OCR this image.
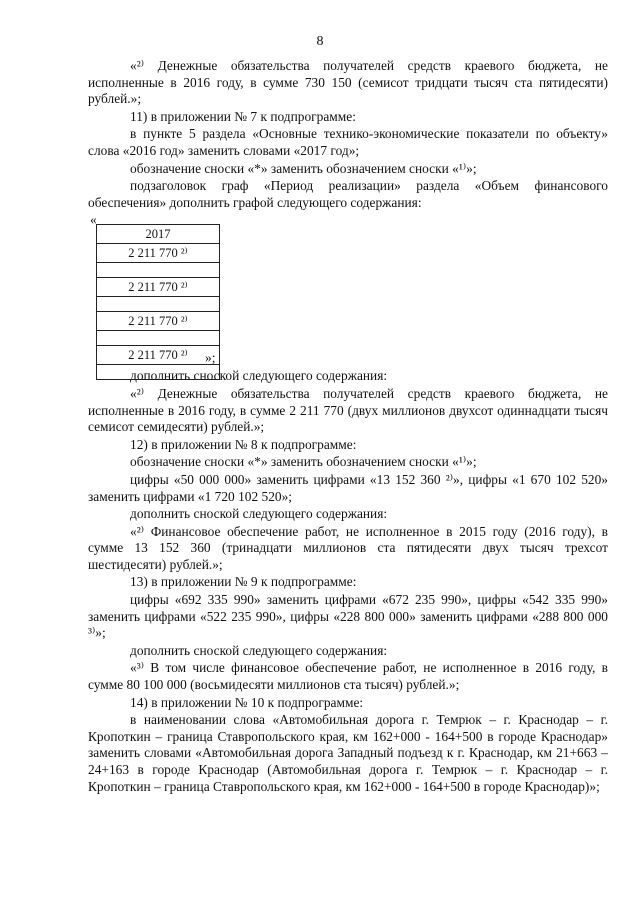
8

«²⁾ Денежные обязательства получателей средств краевого бюджета, не исполненные в 2016 году, в сумме 730 150 (семисот тридцати тысяч ста пятидесяти) рублей.»;

11) в приложении № 7 к подпрограмме:

в пункте 5 раздела «Основные технико-экономические показатели по объекту» слова «2016 год» заменить словами «2017 год»;

обозначение сноски «*» заменить обозначением сноски «¹⁾»;

подзаголовок граф «Период реализации» раздела «Объем финансового обеспечения» дополнить графой следующего содержания:

«
2017
2 211 770 ²⁾

2 211 770 ²⁾

2 211 770 ²⁾

2 211 770 ²⁾ »;

дополнить сноской следующего содержания:

«²⁾ Денежные обязательства получателей средств краевого бюджета, не исполненные в 2016 году, в сумме 2 211 770 (двух миллионов двухсот одиннадцати тысяч семисот семидесяти) рублей.»;

12) в приложении № 8 к подпрограмме:

обозначение сноски «*» заменить обозначением сноски «¹⁾»;

цифры «50 000 000» заменить цифрами «13 152 360 ²⁾», цифры «1 670 102 520» заменить цифрами «1 720 102 520»;

дополнить сноской следующего содержания:

«²⁾ Финансовое обеспечение работ, не исполненное в 2015 году (2016 году), в сумме 13 152 360 (тринадцати миллионов ста пятидесяти двух тысяч трехсот шестидесяти) рублей.»;

13) в приложении № 9 к подпрограмме:

цифры «692 335 990» заменить цифрами «672 235 990», цифры «542 335 990» заменить цифрами «522 235 990», цифры «228 800 000» заменить цифрами «288 800 000 ³⁾»;

дополнить сноской следующего содержания:

«³⁾ В том числе финансовое обеспечение работ, не исполненное в 2016 году, в сумме 80 100 000 (восьмидесяти миллионов ста тысяч) рублей.»;

14) в приложении № 10 к подпрограмме:

в наименовании слова «Автомобильная дорога г. Темрюк – г. Краснодар – г. Кропоткин – граница Ставропольского края, км 162+000 - 164+500 в городе Краснодар» заменить словами «Автомобильная дорога Западный подъезд к г. Краснодар, км 21+663 – 24+163 в городе Краснодар (Автомобильная дорога г. Темрюк – г. Краснодар – г. Кропоткин – граница Ставропольского края, км 162+000 - 164+500 в городе Краснодар)»;
